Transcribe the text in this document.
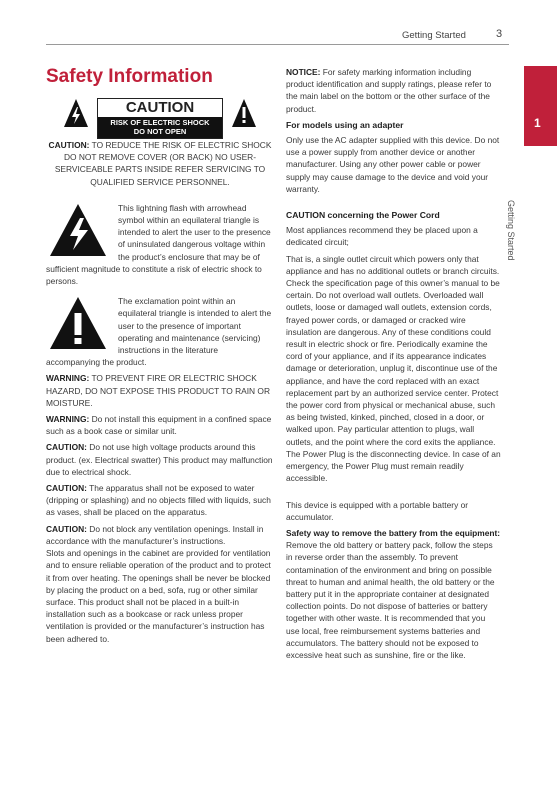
Getting Started	3
1
Getting Started
Safety Information
CAUTION
RISK OF ELECTRIC SHOCK
DO NOT OPEN

CAUTION: TO REDUCE THE RISK OF ELECTRIC SHOCK DO NOT REMOVE COVER (OR BACK) NO USER-SERVICEABLE PARTS INSIDE REFER SERVICING TO QUALIFIED SERVICE PERSONNEL.

This lightning flash with arrowhead symbol within an equilateral triangle is intended to alert the user to the presence of uninsulated dangerous voltage within the product’s enclosure that may be of sufficient magnitude to constitute a risk of electric shock to persons.
The exclamation point within an equilateral triangle is intended to alert the user to the presence of important operating and maintenance (servicing) instructions in the literature accompanying the product.

WARNING: TO PREVENT FIRE OR ELECTRIC SHOCK HAZARD, DO NOT EXPOSE THIS PRODUCT TO RAIN OR MOISTURE.

WARNING: Do not install this equipment in a confined space such as a book case or similar unit.

CAUTION: Do not use high voltage products around this product. (ex. Electrical swatter) This product may malfunction due to electrical shock.

CAUTION: The apparatus shall not be exposed to water (dripping or splashing) and no objects filled with liquids, such as vases, shall be placed on the apparatus.

CAUTION: Do not block any ventilation openings. Install in accordance with the manufacturer’s instructions.

Slots and openings in the cabinet are provided for ventilation and to ensure reliable operation of the product and to protect it from over heating. The openings shall be never be blocked by placing the product on a bed, sofa, rug or other similar surface. This product shall not be placed in a built-in installation such as a bookcase or rack unless proper ventilation is provided or the manufacturer’s instruction has been adhered to.

NOTICE: For safety marking information including product identification and supply ratings, please refer to the main label on the bottom or the other surface of the product.

For models using an adapter

Only use the AC adapter supplied with this device. Do not use a power supply from another device or another manufacturer. Using any other power cable or power supply may cause damage to the device and void your warranty.

CAUTION concerning the Power Cord

Most appliances recommend they be placed upon a dedicated circuit;

That is, a single outlet circuit which powers only that appliance and has no additional outlets or branch circuits. Check the specification page of this owner’s manual to be certain. Do not overload wall outlets. Overloaded wall outlets, loose or damaged wall outlets, extension cords, frayed power cords, or damaged or cracked wire insulation are dangerous. Any of these conditions could result in electric shock or fire. Periodically examine the cord of your appliance, and if its appearance indicates damage or deterioration, unplug it, discontinue use of the appliance, and have the cord replaced with an exact replacement part by an authorized service center. Protect the power cord from physical or mechanical abuse, such as being twisted, kinked, pinched, closed in a door, or walked upon. Pay particular attention to plugs, wall outlets, and the point where the cord exits the appliance. The Power Plug is the disconnecting device. In case of an emergency, the Power Plug must remain readily accessible.

This device is equipped with a portable battery or accumulator.

Safety way to remove the battery from the equipment: Remove the old battery or battery pack, follow the steps in reverse order than the assembly. To prevent contamination of the environment and bring on possible threat to human and animal health, the old battery or the battery put it in the appropriate container at designated collection points. Do not dispose of batteries or battery together with other waste. It is recommended that you use local, free reimbursement systems batteries and accumulators. The battery should not be exposed to excessive heat such as sunshine, fire or the like.
